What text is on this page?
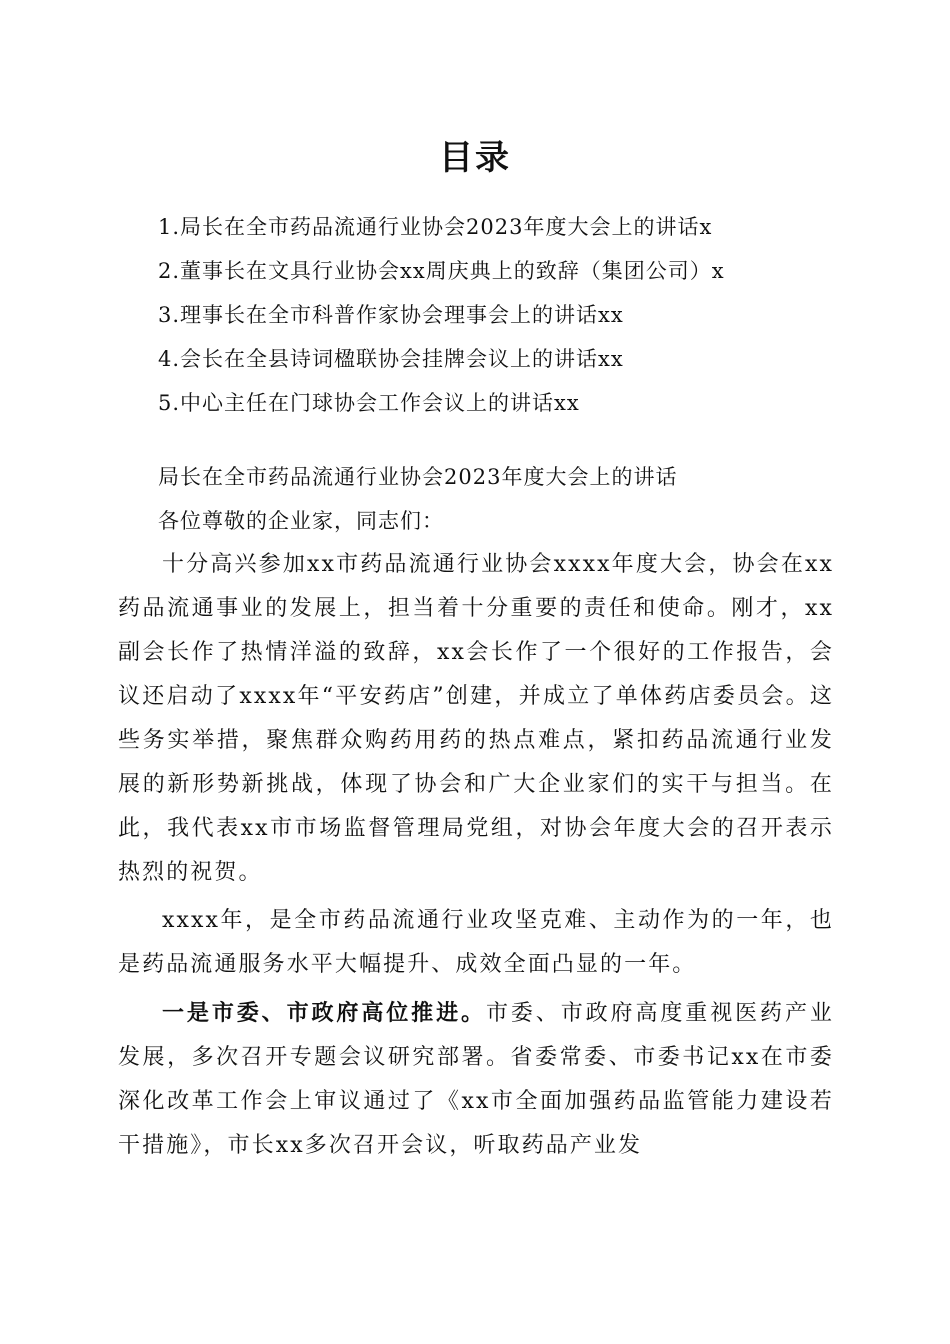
目录
1.局长在全市药品流通行业协会2023年度大会上的讲话x
2.董事长在文具行业协会xx周庆典上的致辞（集团公司）x
3.理事长在全市科普作家协会理事会上的讲话xx
4.会长在全县诗词楹联协会挂牌会议上的讲话xx
5.中心主任在门球协会工作会议上的讲话xx
局长在全市药品流通行业协会2023年度大会上的讲话
各位尊敬的企业家，同志们：

十分高兴参加xx市药品流通行业协会xxxx年度大会，协会在xx药品流通事业的发展上，担当着十分重要的责任和使命。刚才，xx副会长作了热情洋溢的致辞，xx会长作了一个很好的工作报告，会议还启动了xxxx年“平安药店”创建，并成立了单体药店委员会。这些务实举措，聚焦群众购药用药的热点难点，紧扣药品流通行业发展的新形势新挑战，体现了协会和广大企业家们的实干与担当。在此，我代表xx市市场监督管理局党组，对协会年度大会的召开表示热烈的祝贺。

xxxx年，是全市药品流通行业攻坚克难、主动作为的一年，也是药品流通服务水平大幅提升、成效全面凸显的一年。

一是市委、市政府高位推进。市委、市政府高度重视医药产业发展，多次召开专题会议研究部署。省委常委、市委书记xx在市委深化改革工作会上审议通过了《xx市全面加强药品监管能力建设若干措施》，市长xx多次召开会议，听取药品产业发
